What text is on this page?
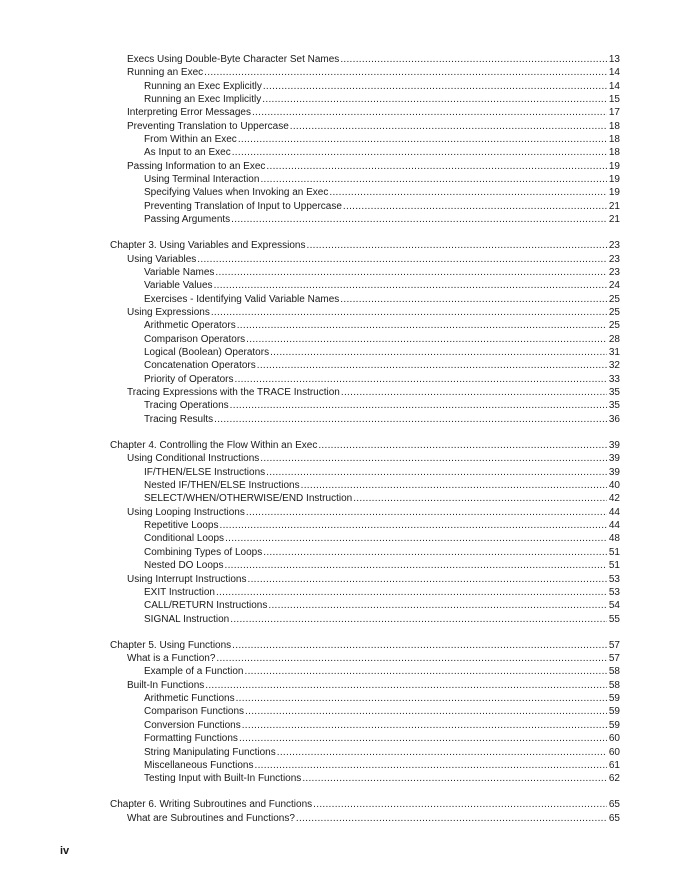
Execs Using Double-Byte Character Set Names .....	13
Running an Exec .....	14
Running an Exec Explicitly .....	14
Running an Exec Implicitly .....	15
Interpreting Error Messages .....	17
Preventing Translation to Uppercase .....	18
From Within an Exec .....	18
As Input to an Exec .....	18
Passing Information to an Exec .....	19
Using Terminal Interaction .....	19
Specifying Values when Invoking an Exec .....	19
Preventing Translation of Input to Uppercase .....	21
Passing Arguments .....	21
Chapter 3. Using Variables and Expressions .....	23
Using Variables .....	23
Variable Names .....	23
Variable Values .....	24
Exercises - Identifying Valid Variable Names .....	25
Using Expressions .....	25
Arithmetic Operators .....	25
Comparison Operators .....	28
Logical (Boolean) Operators .....	31
Concatenation Operators .....	32
Priority of Operators .....	33
Tracing Expressions with the TRACE Instruction .....	35
Tracing Operations .....	35
Tracing Results .....	36
Chapter 4. Controlling the Flow Within an Exec .....	39
Using Conditional Instructions .....	39
IF/THEN/ELSE Instructions .....	39
Nested IF/THEN/ELSE Instructions .....	40
SELECT/WHEN/OTHERWISE/END Instruction .....	42
Using Looping Instructions .....	44
Repetitive Loops .....	44
Conditional Loops .....	48
Combining Types of Loops .....	51
Nested DO Loops .....	51
Using Interrupt Instructions .....	53
EXIT Instruction .....	53
CALL/RETURN Instructions .....	54
SIGNAL Instruction .....	55
Chapter 5. Using Functions .....	57
What is a Function? .....	57
Example of a Function .....	58
Built-In Functions .....	58
Arithmetic Functions .....	59
Comparison Functions .....	59
Conversion Functions .....	59
Formatting Functions .....	60
String Manipulating Functions .....	60
Miscellaneous Functions .....	61
Testing Input with Built-In Functions .....	62
Chapter 6. Writing Subroutines and Functions .....	65
What are Subroutines and Functions? .....	65
iv
